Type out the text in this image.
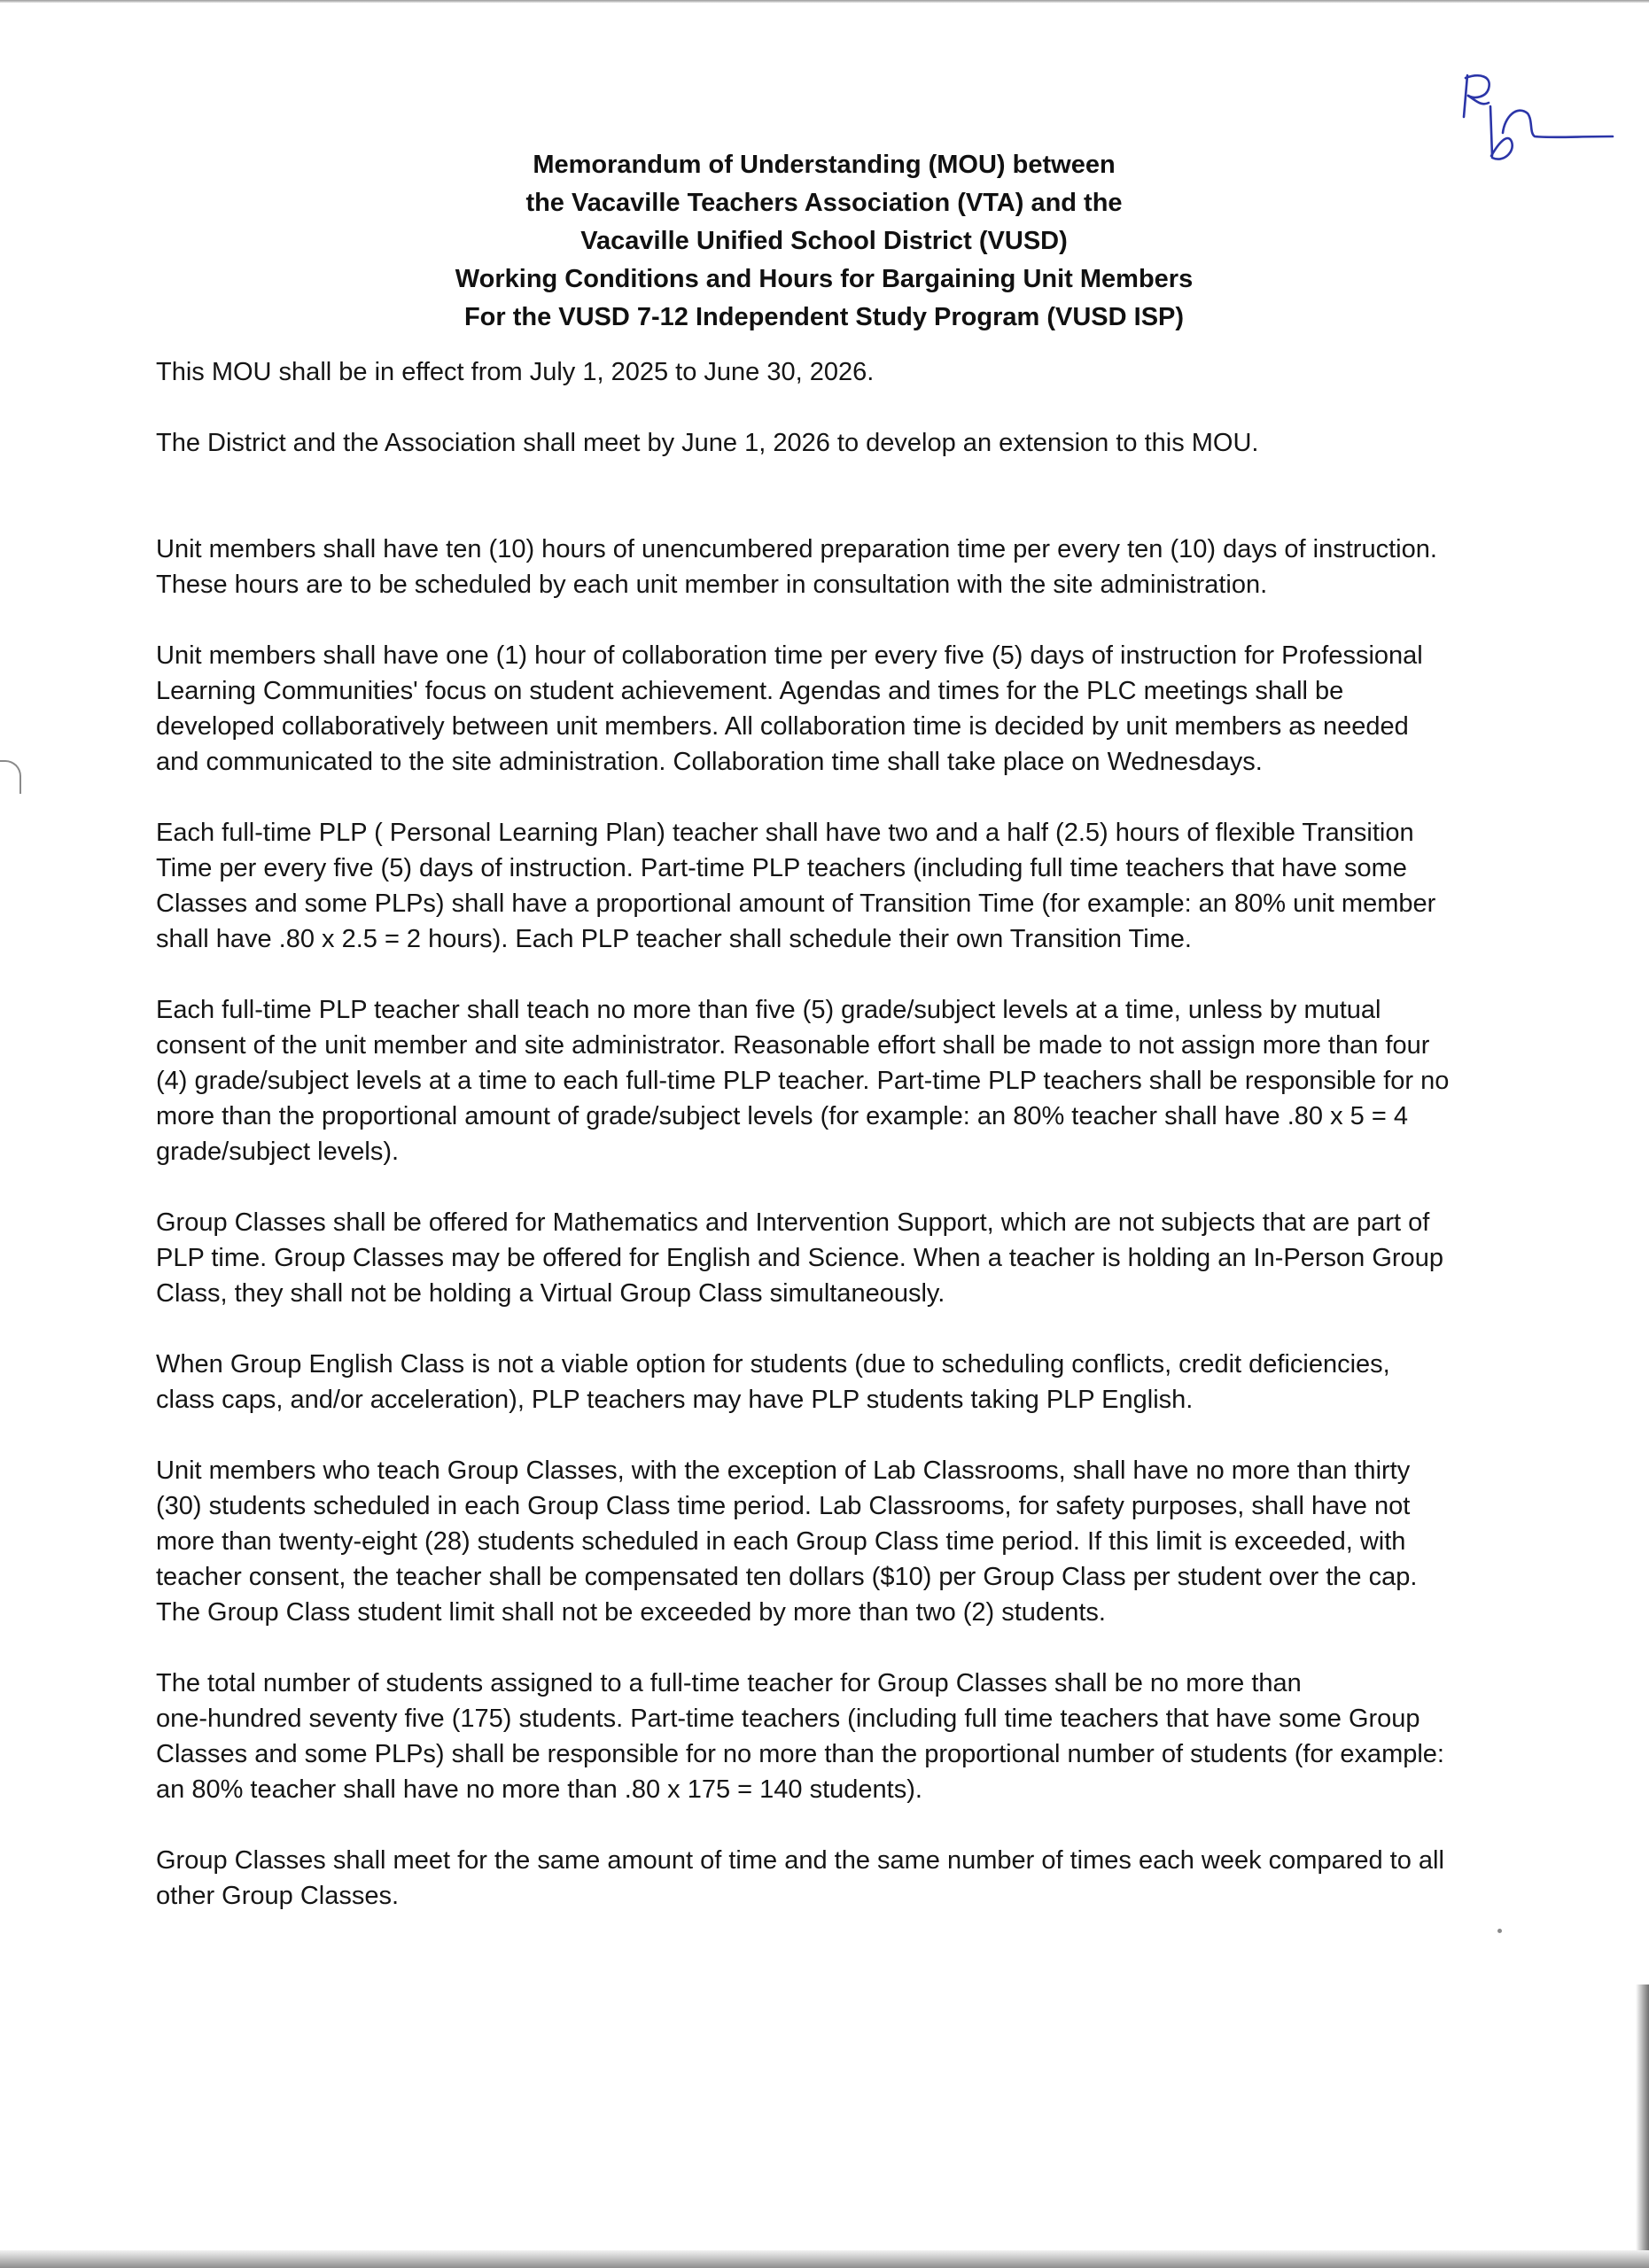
Memorandum of Understanding (MOU) between
the Vacaville Teachers Association (VTA) and the
Vacaville Unified School District (VUSD)
Working Conditions and Hours for Bargaining Unit Members
For the VUSD 7-12 Independent Study Program (VUSD ISP)

This MOU shall be in effect from July 1, 2025 to June 30, 2026.

The District and the Association shall meet by June 1, 2026 to develop an extension to this MOU.

Unit members shall have ten (10) hours of unencumbered preparation time per every ten (10) days of instruction.
These hours are to be scheduled by each unit member in consultation with the site administration.

Unit members shall have one (1) hour of collaboration time per every five (5) days of instruction for Professional
Learning Communities' focus on student achievement. Agendas and times for the PLC meetings shall be
developed collaboratively between unit members. All collaboration time is decided by unit members as needed
and communicated to the site administration. Collaboration time shall take place on Wednesdays.

Each full-time PLP ( Personal Learning Plan) teacher shall have two and a half (2.5) hours of flexible Transition
Time per every five (5) days of instruction. Part-time PLP teachers (including full time teachers that have some
Classes and some PLPs) shall have a proportional amount of Transition Time (for example: an 80% unit member
shall have .80 x 2.5 = 2 hours). Each PLP teacher shall schedule their own Transition Time.

Each full-time PLP teacher shall teach no more than five (5) grade/subject levels at a time, unless by mutual
consent of the unit member and site administrator. Reasonable effort shall be made to not assign more than four
(4) grade/subject levels at a time to each full-time PLP teacher. Part-time PLP teachers shall be responsible for no
more than the proportional amount of grade/subject levels (for example: an 80% teacher shall have .80 x 5 = 4
grade/subject levels).

Group Classes shall be offered for Mathematics and Intervention Support, which are not subjects that are part of
PLP time. Group Classes may be offered for English and Science. When a teacher is holding an In-Person Group
Class, they shall not be holding a Virtual Group Class simultaneously.

When Group English Class is not a viable option for students (due to scheduling conflicts, credit deficiencies,
class caps, and/or acceleration), PLP teachers may have PLP students taking PLP English.

Unit members who teach Group Classes, with the exception of Lab Classrooms, shall have no more than thirty
(30) students scheduled in each Group Class time period. Lab Classrooms, for safety purposes, shall have not
more than twenty-eight (28) students scheduled in each Group Class time period. If this limit is exceeded, with
teacher consent, the teacher shall be compensated ten dollars ($10) per Group Class per student over the cap.
The Group Class student limit shall not be exceeded by more than two (2) students.

The total number of students assigned to a full-time teacher for Group Classes shall be no more than
one-hundred seventy five (175) students. Part-time teachers (including full time teachers that have some Group
Classes and some PLPs) shall be responsible for no more than the proportional number of students (for example:
an 80% teacher shall have no more than .80 x 175 = 140 students).

Group Classes shall meet for the same amount of time and the same number of times each week compared to all
other Group Classes.
